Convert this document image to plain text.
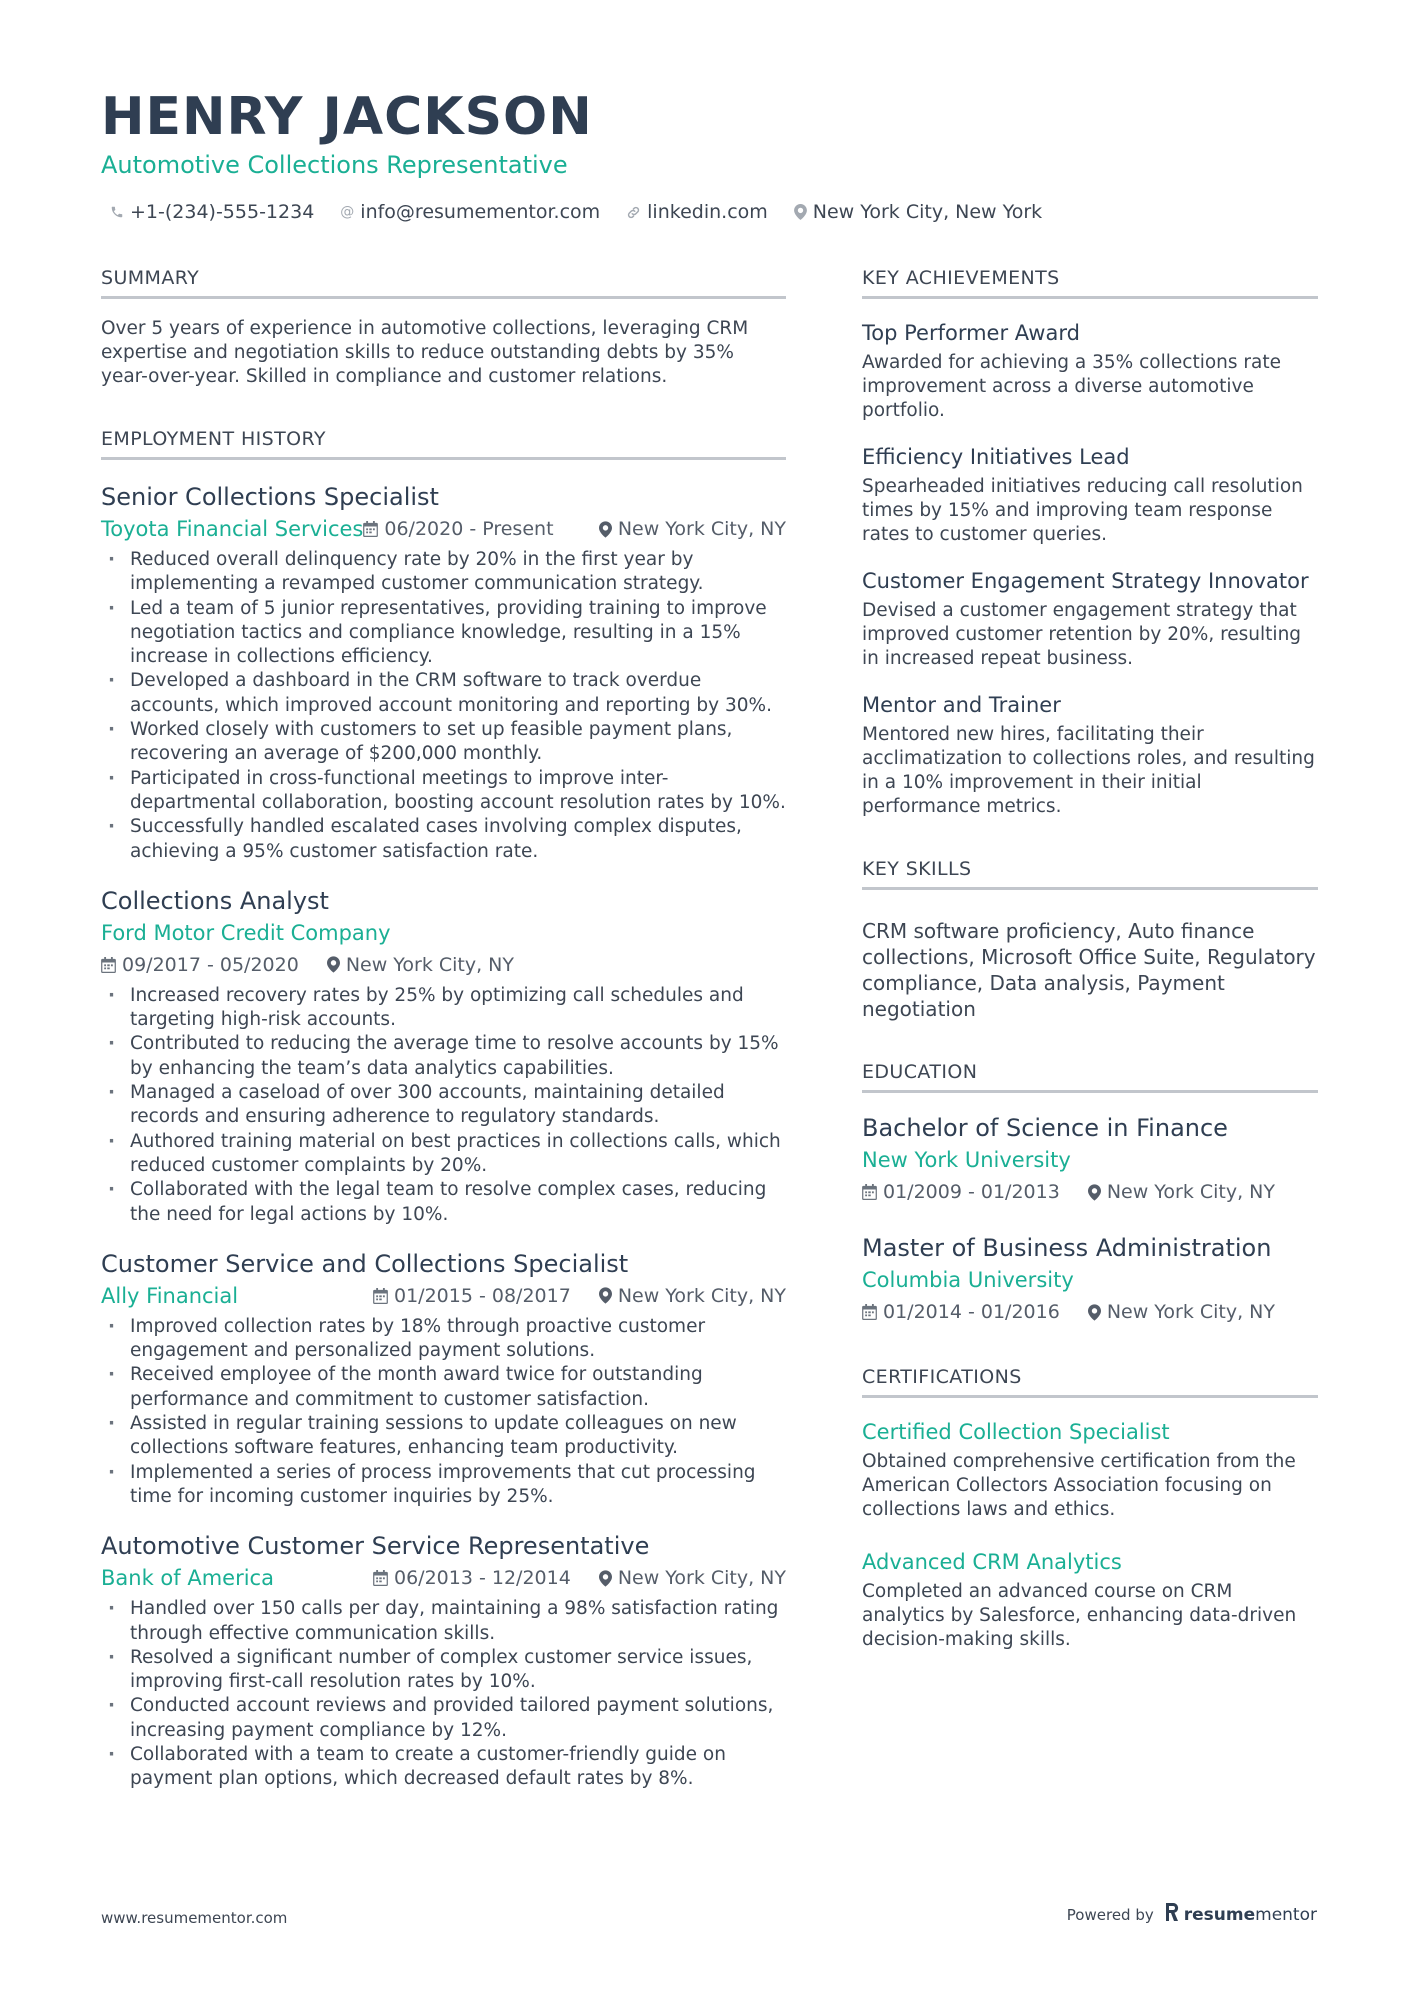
HENRY JACKSON
Automotive Collections Representative
+1-(234)-555-1234 @ info@resumementor.com linkedin.com New York City, New York
SUMMARY
Over 5 years of experience in automotive collections, leveraging CRM expertise and negotiation skills to reduce outstanding debts by 35% year-over-year. Skilled in compliance and customer relations.
EMPLOYMENT HISTORY
Senior Collections Specialist
Toyota Financial Services 06/2020 - Present	New York City, NY
· Reduced overall delinquency rate by 20% in the first year by implementing a revamped customer communication strategy.
· Led a team of 5 junior representatives, providing training to improve negotiation tactics and compliance knowledge, resulting in a 15% increase in collections efficiency.
· Developed a dashboard in the CRM software to track overdue accounts, which improved account monitoring and reporting by 30%.
· Worked closely with customers to set up feasible payment plans, recovering an average of $200,000 monthly.
· Participated in cross-functional meetings to improve inter-departmental collaboration, boosting account resolution rates by 10%.
· Successfully handled escalated cases involving complex disputes, achieving a 95% customer satisfaction rate.
Collections Analyst
Ford Motor Credit Company
09/2017 - 05/2020 New York City, NY
· Increased recovery rates by 25% by optimizing call schedules and targeting high-risk accounts.
· Contributed to reducing the average time to resolve accounts by 15% by enhancing the team’s data analytics capabilities.
· Managed a caseload of over 300 accounts, maintaining detailed records and ensuring adherence to regulatory standards.
· Authored training material on best practices in collections calls, which reduced customer complaints by 20%.
· Collaborated with the legal team to resolve complex cases, reducing the need for legal actions by 10%.
Customer Service and Collections Specialist
Ally Financial	01/2015 - 08/2017 New York City, NY
· Improved collection rates by 18% through proactive customer engagement and personalized payment solutions.
· Received employee of the month award twice for outstanding performance and commitment to customer satisfaction.
· Assisted in regular training sessions to update colleagues on new collections software features, enhancing team productivity.
· Implemented a series of process improvements that cut processing time for incoming customer inquiries by 25%.
Automotive Customer Service Representative
Bank of America	06/2013 - 12/2014 New York City, NY
· Handled over 150 calls per day, maintaining a 98% satisfaction rating through effective communication skills.
· Resolved a significant number of complex customer service issues, improving first-call resolution rates by 10%.
· Conducted account reviews and provided tailored payment solutions, increasing payment compliance by 12%.
· Collaborated with a team to create a customer-friendly guide on payment plan options, which decreased default rates by 8%.
KEY ACHIEVEMENTS
Top Performer Award
Awarded for achieving a 35% collections rate improvement across a diverse automotive portfolio.
Efficiency Initiatives Lead
Spearheaded initiatives reducing call resolution times by 15% and improving team response rates to customer queries.
Customer Engagement Strategy Innovator
Devised a customer engagement strategy that improved customer retention by 20%, resulting in increased repeat business.
Mentor and Trainer
Mentored new hires, facilitating their acclimatization to collections roles, and resulting in a 10% improvement in their initial performance metrics.
KEY SKILLS
CRM software proficiency, Auto finance collections, Microsoft Office Suite, Regulatory compliance, Data analysis, Payment negotiation
EDUCATION
Bachelor of Science in Finance
New York University
01/2009 - 01/2013 New York City, NY
Master of Business Administration
Columbia University
01/2014 - 01/2016 New York City, NY
CERTIFICATIONS
Certified Collection Specialist
Obtained comprehensive certification from the American Collectors Association focusing on collections laws and ethics.
Advanced CRM Analytics
Completed an advanced course on CRM analytics by Salesforce, enhancing data-driven decision-making skills.
www.resumementor.com	Powered by resume mentor
